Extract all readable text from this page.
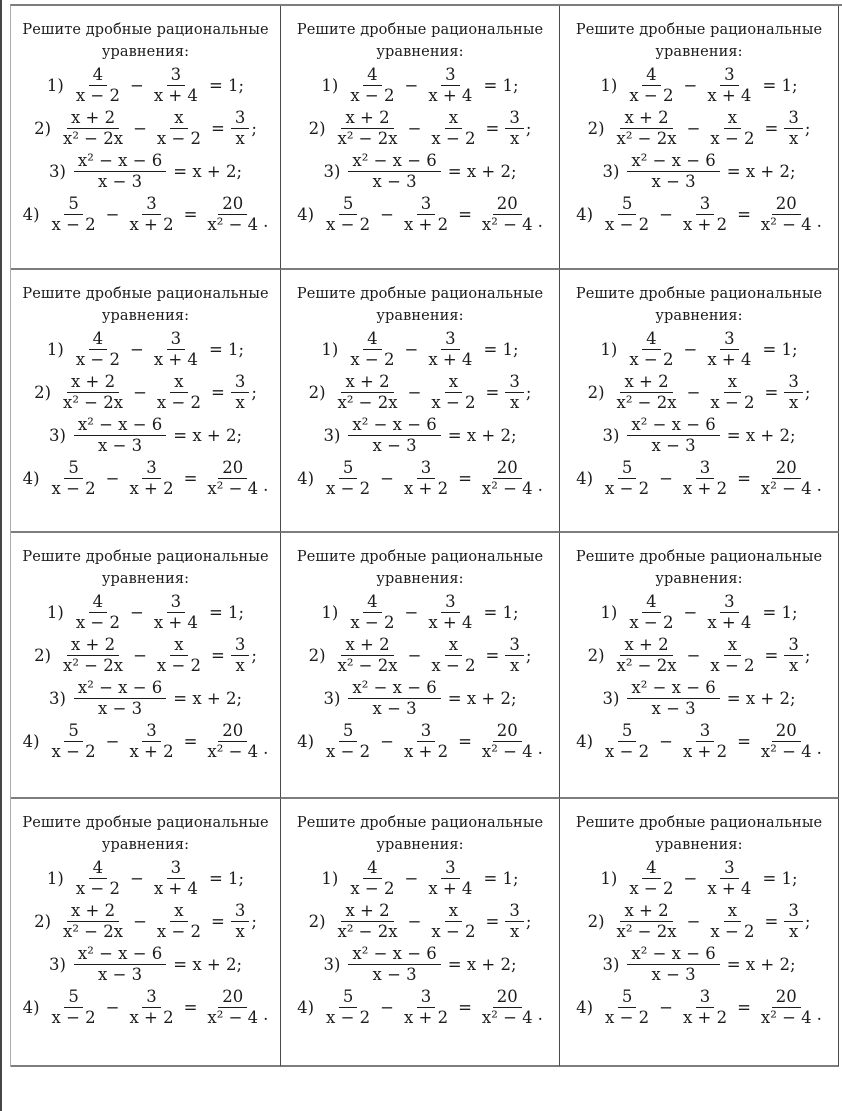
Решите дробные рациональные
уравнения:
$1) \frac{4}{x - 2} - \frac{3}{x + 4} = 1$;
$2) \frac{x + 2}{\text{x² − 2x}} - \frac{x}{x - 2} = \frac{3}{x}$ ;
$3) \frac{\text{x² − x − 6}}{x - 3} = x + 2$;
$4) \frac{5}{x - 2} - \frac{3}{x + 2} = \frac{20}{\text{x² − 4}}$ .
Решите дробные рациональные
уравнения:
$1) \frac{4}{x - 2} - \frac{3}{x + 4} = 1$;
$2) \frac{x + 2}{\text{x² − 2x}} - \frac{x}{x - 2} = \frac{3}{x}$ ;
$3) \frac{\text{x² − x − 6}}{x - 3} = x + 2$;
$4) \frac{5}{x - 2} - \frac{3}{x + 2} = \frac{20}{\text{x² − 4}}$ .
Решите дробные рациональные
уравнения:
$1) \frac{4}{x - 2} - \frac{3}{x + 4} = 1$;
$2) \frac{x + 2}{\text{x² − 2x}} - \frac{x}{x - 2} = \frac{3}{x}$ ;
$3) \frac{\text{x² − x − 6}}{x - 3} = x + 2$;
$4) \frac{5}{x - 2} - \frac{3}{x + 2} = \frac{20}{\text{x² − 4}}$ .
Решите дробные рациональные
уравнения:
$1) \frac{4}{x - 2} - \frac{3}{x + 4} = 1$;
$2) \frac{x + 2}{\text{x² − 2x}} - \frac{x}{x - 2} = \frac{3}{x}$ ;
$3) \frac{\text{x² − x − 6}}{x - 3} = x + 2$;
$4) \frac{5}{x - 2} - \frac{3}{x + 2} = \frac{20}{\text{x² − 4}}$ .
Решите дробные рациональные
уравнения:
$1) \frac{4}{x - 2} - \frac{3}{x + 4} = 1$;
$2) \frac{x + 2}{\text{x² − 2x}} - \frac{x}{x - 2} = \frac{3}{x}$ ;
$3) \frac{\text{x² − x − 6}}{x - 3} = x + 2$;
$4) \frac{5}{x - 2} - \frac{3}{x + 2} = \frac{20}{\text{x² − 4}}$ .
Решите дробные рациональные
уравнения:
$1) \frac{4}{x - 2} - \frac{3}{x + 4} = 1$;
$2) \frac{x + 2}{\text{x² − 2x}} - \frac{x}{x - 2} = \frac{3}{x}$ ;
$3) \frac{\text{x² − x − 6}}{x - 3} = x + 2$;
$4) \frac{5}{x - 2} - \frac{3}{x + 2} = \frac{20}{\text{x² − 4}}$ .
Решите дробные рациональные
уравнения:
$1) \frac{4}{x - 2} - \frac{3}{x + 4} = 1$;
$2) \frac{x + 2}{\text{x² − 2x}} - \frac{x}{x - 2} = \frac{3}{x}$ ;
$3) \frac{\text{x² − x − 6}}{x - 3} = x + 2$;
$4) \frac{5}{x - 2} - \frac{3}{x + 2} = \frac{20}{\text{x² − 4}}$ .
Решите дробные рациональные
уравнения:
$1) \frac{4}{x - 2} - \frac{3}{x + 4} = 1$;
$2) \frac{x + 2}{\text{x² − 2x}} - \frac{x}{x - 2} = \frac{3}{x}$ ;
$3) \frac{\text{x² − x − 6}}{x - 3} = x + 2$;
$4) \frac{5}{x - 2} - \frac{3}{x + 2} = \frac{20}{\text{x² − 4}}$ .
Решите дробные рациональные
уравнения:
$1) \frac{4}{x - 2} - \frac{3}{x + 4} = 1$;
$2) \frac{x + 2}{\text{x² − 2x}} - \frac{x}{x - 2} = \frac{3}{x}$ ;
$3) \frac{\text{x² − x − 6}}{x - 3} = x + 2$;
$4) \frac{5}{x - 2} - \frac{3}{x + 2} = \frac{20}{\text{x² − 4}}$ .
Решите дробные рациональные
уравнения:
$1) \frac{4}{x - 2} - \frac{3}{x + 4} = 1$;
$2) \frac{x + 2}{\text{x² − 2x}} - \frac{x}{x - 2} = \frac{3}{x}$ ;
$3) \frac{\text{x² − x − 6}}{x - 3} = x + 2$;
$4) \frac{5}{x - 2} - \frac{3}{x + 2} = \frac{20}{\text{x² − 4}}$ .
Решите дробные рациональные
уравнения:
$1) \frac{4}{x - 2} - \frac{3}{x + 4} = 1$;
$2) \frac{x + 2}{\text{x² − 2x}} - \frac{x}{x - 2} = \frac{3}{x}$ ;
$3) \frac{\text{x² − x − 6}}{x - 3} = x + 2$;
$4) \frac{5}{x - 2} - \frac{3}{x + 2} = \frac{20}{\text{x² − 4}}$ .
Решите дробные рациональные
уравнения:
$1) \frac{4}{x - 2} - \frac{3}{x + 4} = 1$;
$2) \frac{x + 2}{\text{x² − 2x}} - \frac{x}{x - 2} = \frac{3}{x}$ ;
$3) \frac{\text{x² − x − 6}}{x - 3} = x + 2$;
$4) \frac{5}{x - 2} - \frac{3}{x + 2} = \frac{20}{\text{x² − 4}}$ .
